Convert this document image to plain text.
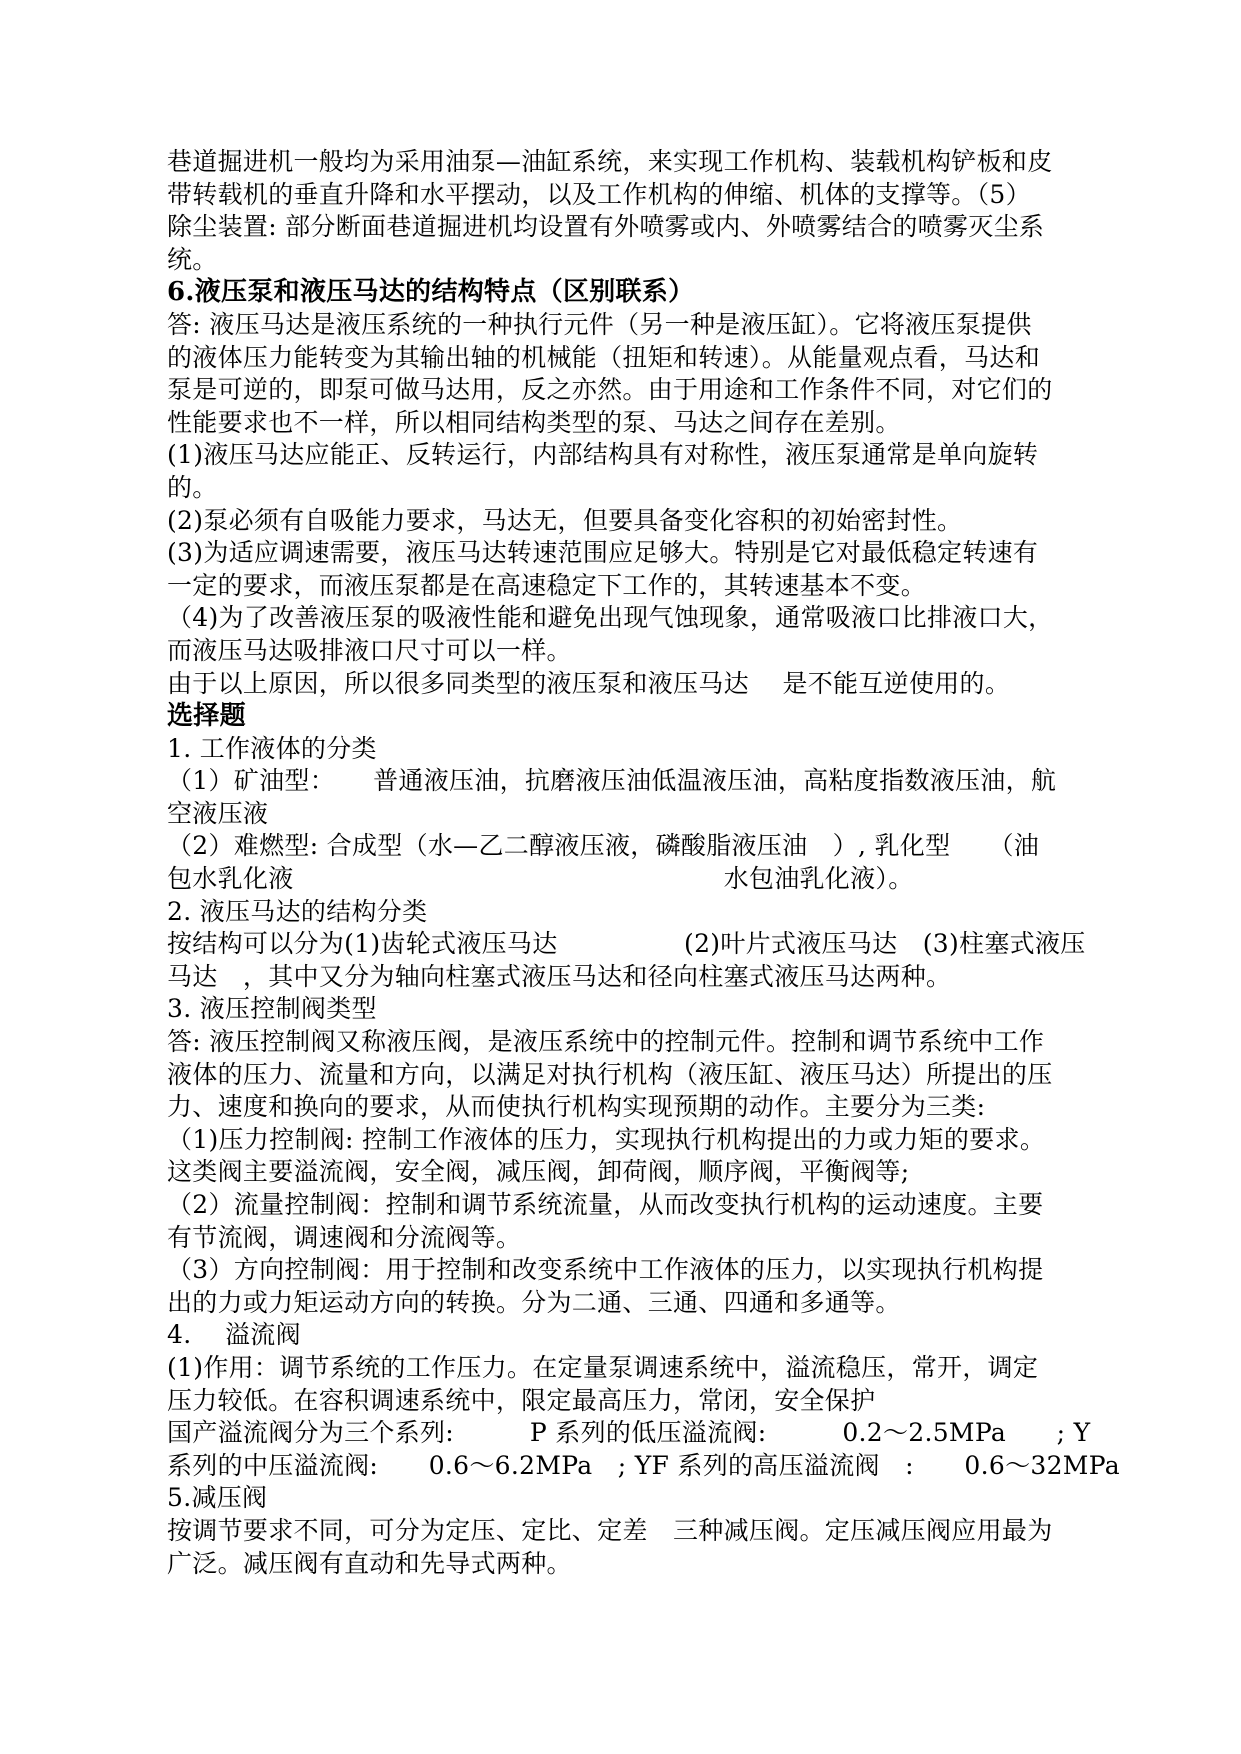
巷道掘进机一般均为采用油泵—油缸系统，来实现工作机构、装载机构铲板和皮
带转载机的垂直升降和水平摆动，以及工作机构的伸缩、机体的支撑等。（5）
除尘装置: 部分断面巷道掘进机均设置有外喷雾或内、外喷雾结合的喷雾灭尘系
统。
6.液压泵和液压马达的结构特点（区别联系）
答: 液压马达是液压系统的一种执行元件（另一种是液压缸）。它将液压泵提供
的液体压力能转变为其输出轴的机械能（扭矩和转速）。从能量观点看，马达和
泵是可逆的，即泵可做马达用，反之亦然。由于用途和工作条件不同，对它们的
性能要求也不一样，所以相同结构类型的泵、马达之间存在差别。
(1)液压马达应能正、反转运行，内部结构具有对称性，液压泵通常是单向旋转
的。
(2)泵必须有自吸能力要求，马达无，但要具备变化容积的初始密封性。
(3)为适应调速需要，液压马达转速范围应足够大。特别是它对最低稳定转速有
一定的要求，而液压泵都是在高速稳定下工作的，其转速基本不变。
（4)为了改善液压泵的吸液性能和避免出现气蚀现象，通常吸液口比排液口大，
而液压马达吸排液口尺寸可以一样。
由于以上原因，所以很多同类型的液压泵和液压马达　 是不能互逆使用的。
选择题
1. 工作液体的分类
（1）矿油型：　　普通液压油，抗磨液压油低温液压油，高粘度指数液压油，航
空液压液
（2）难燃型: 合成型（水—乙二醇液压液，磷酸脂液压油　）, 乳化型　　（油
包水乳化液　　　　　　　　　　　　　　　　　水包油乳化液）。
2. 液压马达的结构分类
按结构可以分为(1)齿轮式液压马达　　　　　(2)叶片式液压马达　(3)柱塞式液压
马达　，其中又分为轴向柱塞式液压马达和径向柱塞式液压马达两种。
3. 液压控制阀类型
答: 液压控制阀又称液压阀，是液压系统中的控制元件。控制和调节系统中工作
液体的压力、流量和方向，以满足对执行机构（液压缸、液压马达）所提出的压
力、速度和换向的要求，从而使执行机构实现预期的动作。主要分为三类:
（1)压力控制阀: 控制工作液体的压力，实现执行机构提出的力或力矩的要求。
这类阀主要溢流阀，安全阀，减压阀，卸荷阀，顺序阀，平衡阀等;
（2）流量控制阀：控制和调节系统流量，从而改变执行机构的运动速度。主要
有节流阀，调速阀和分流阀等。
（3）方向控制阀：用于控制和改变系统中工作液体的压力，以实现执行机构提
出的力或力矩运动方向的转换。分为二通、三通、四通和多通等。
4.　 溢流阀
(1)作用：调节系统的工作压力。在定量泵调速系统中，溢流稳压，常开，调定
压力较低。在容积调速系统中，限定最高压力，常闭，安全保护
国产溢流阀分为三个系列:　　　P 系列的低压溢流阀:　　　0.2～2.5MPa　　; Y
系列的中压溢流阀:　　0.6～6.2MPa　; YF 系列的高压溢流阀　:　　0.6～32MPa
5.减压阀
按调节要求不同，可分为定压、定比、定差　三种减压阀。定压减压阀应用最为
广泛。减压阀有直动和先导式两种。
